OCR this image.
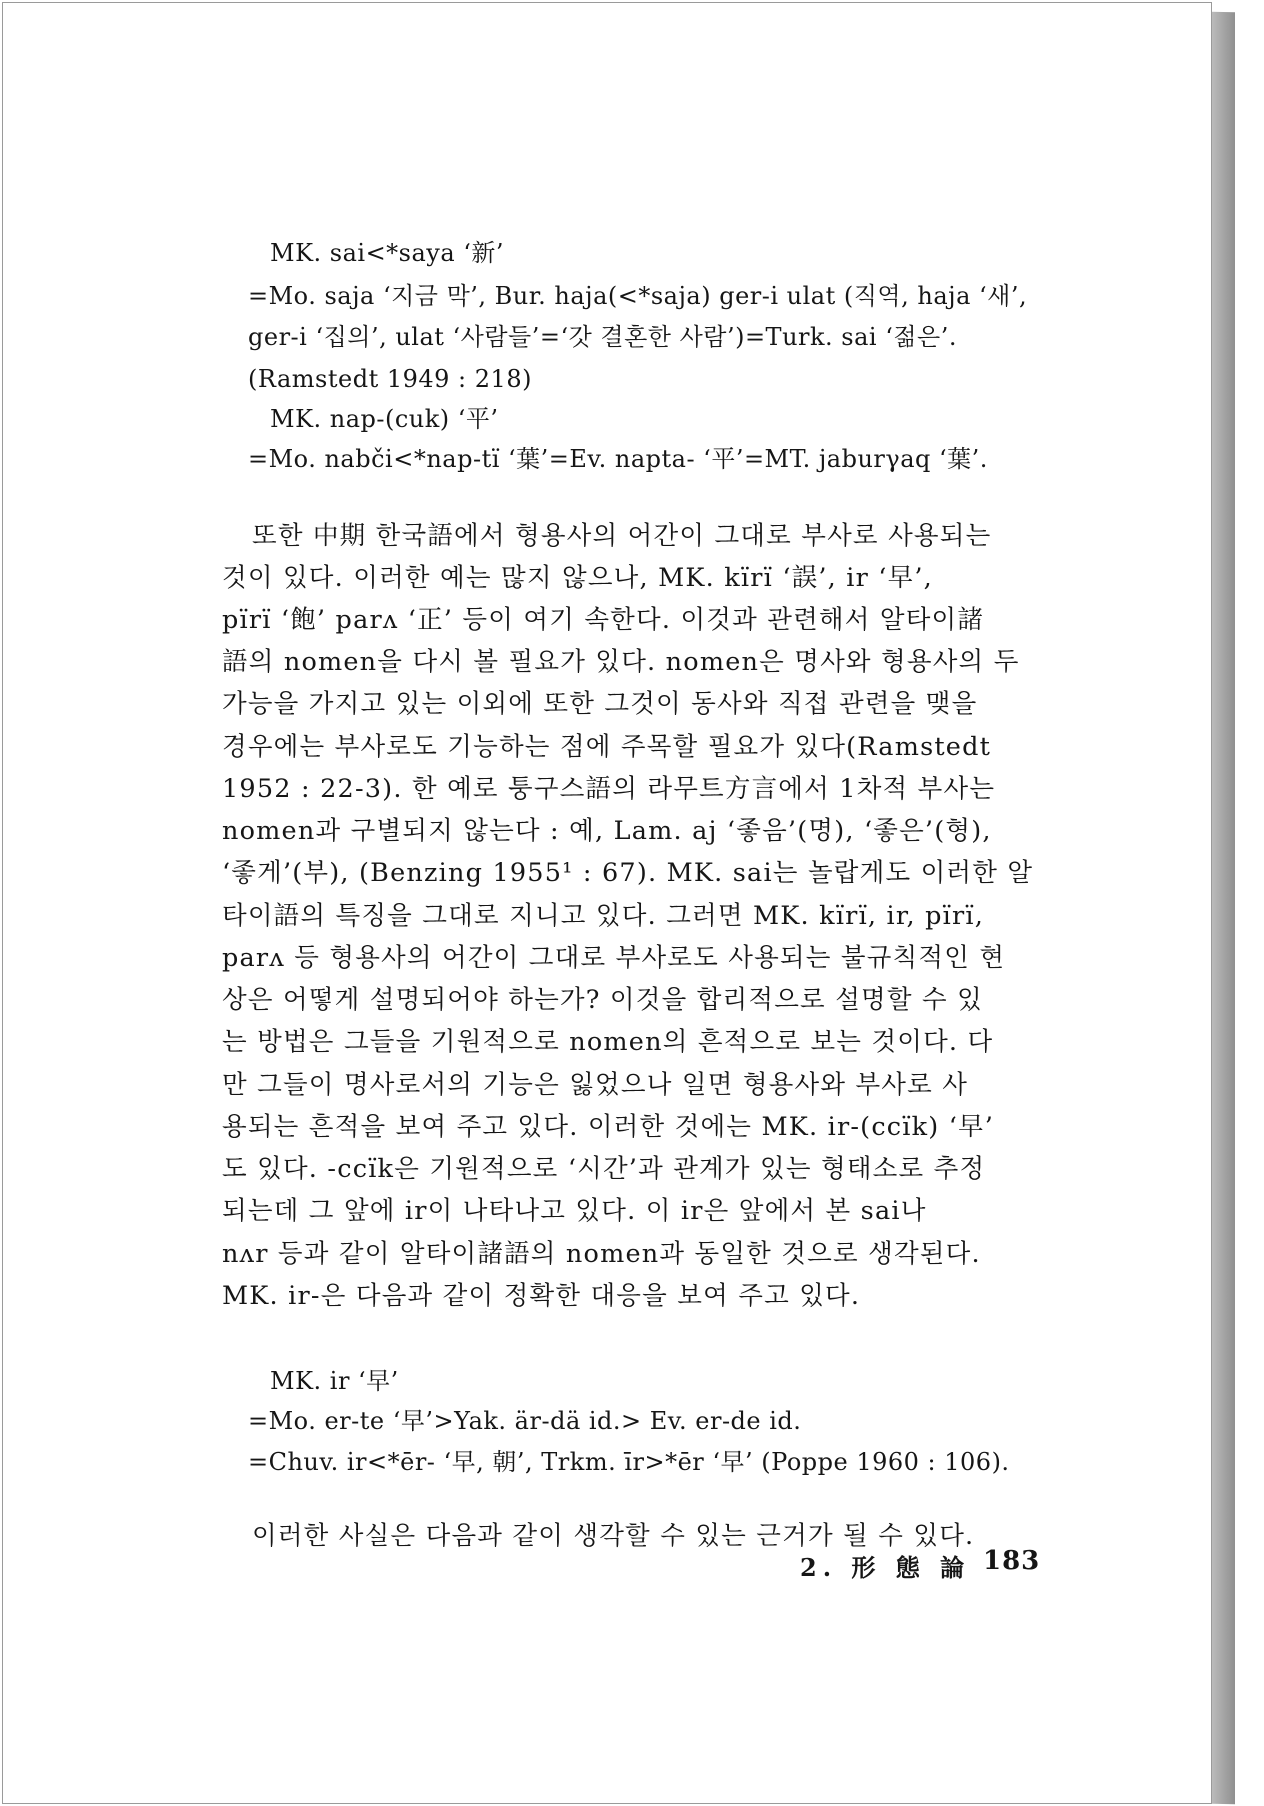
MK. sai<*saya ‘新’
=Mo. saja ‘지금 막’, Bur. haja(<*saja) ger-i ulat (직역, haja ‘새’,
ger-i ‘집의’, ulat ‘사람들’=‘갓 결혼한 사람’)=Turk. sai ‘젊은’.
(Ramstedt 1949 : 218)
MK. nap-(cuk) ‘平’
=Mo. nabči<*nap-tï ‘葉’=Ev. napta- ‘平’=MT. jaburγaq ‘葉’.
또한 中期 한국語에서 형용사의 어간이 그대로 부사로 사용되는
것이 있다. 이러한 예는 많지 않으나, MK. kïrï ‘誤’, ir ‘早’,
pïrï ‘飽’ parʌ ‘正’ 등이 여기 속한다. 이것과 관련해서 알타이諸
語의 nomen을 다시 볼 필요가 있다. nomen은 명사와 형용사의 두
가능을 가지고 있는 이외에 또한 그것이 동사와 직접 관련을 맺을
경우에는 부사로도 기능하는 점에 주목할 필요가 있다(Ramstedt
1952 : 22-3). 한 예로 퉁구스語의 라무트方言에서 1차적 부사는
nomen과 구별되지 않는다 : 예, Lam. aj ‘좋음’(명), ‘좋은’(형),
‘좋게’(부), (Benzing 1955¹ : 67). MK. sai는 놀랍게도 이러한 알
타이語의 특징을 그대로 지니고 있다. 그러면 MK. kïrï, ir, pïrï,
parʌ 등 형용사의 어간이 그대로 부사로도 사용되는 불규칙적인 현
상은 어떻게 설명되어야 하는가? 이것을 합리적으로 설명할 수 있
는 방법은 그들을 기원적으로 nomen의 흔적으로 보는 것이다. 다
만 그들이 명사로서의 기능은 잃었으나 일면 형용사와 부사로 사
용되는 흔적을 보여 주고 있다. 이러한 것에는 MK. ir-(ccïk) ‘早’
도 있다. -ccïk은 기원적으로 ‘시간’과 관계가 있는 형태소로 추정
되는데 그 앞에 ir이 나타나고 있다. 이 ir은 앞에서 본 sai나
nʌr 등과 같이 알타이諸語의 nomen과 동일한 것으로 생각된다.
MK. ir-은 다음과 같이 정확한 대응을 보여 주고 있다.
MK. ir ‘早’
=Mo. er-te ‘早’>Yak. är-dä id.> Ev. er-de id.
=Chuv. ir<*ēr- ‘早, 朝’, Trkm. īr>*ēr ‘早’ (Poppe 1960 : 106).
이러한 사실은 다음과 같이 생각할 수 있는 근거가 될 수 있다.
2. 形 態 論 183
